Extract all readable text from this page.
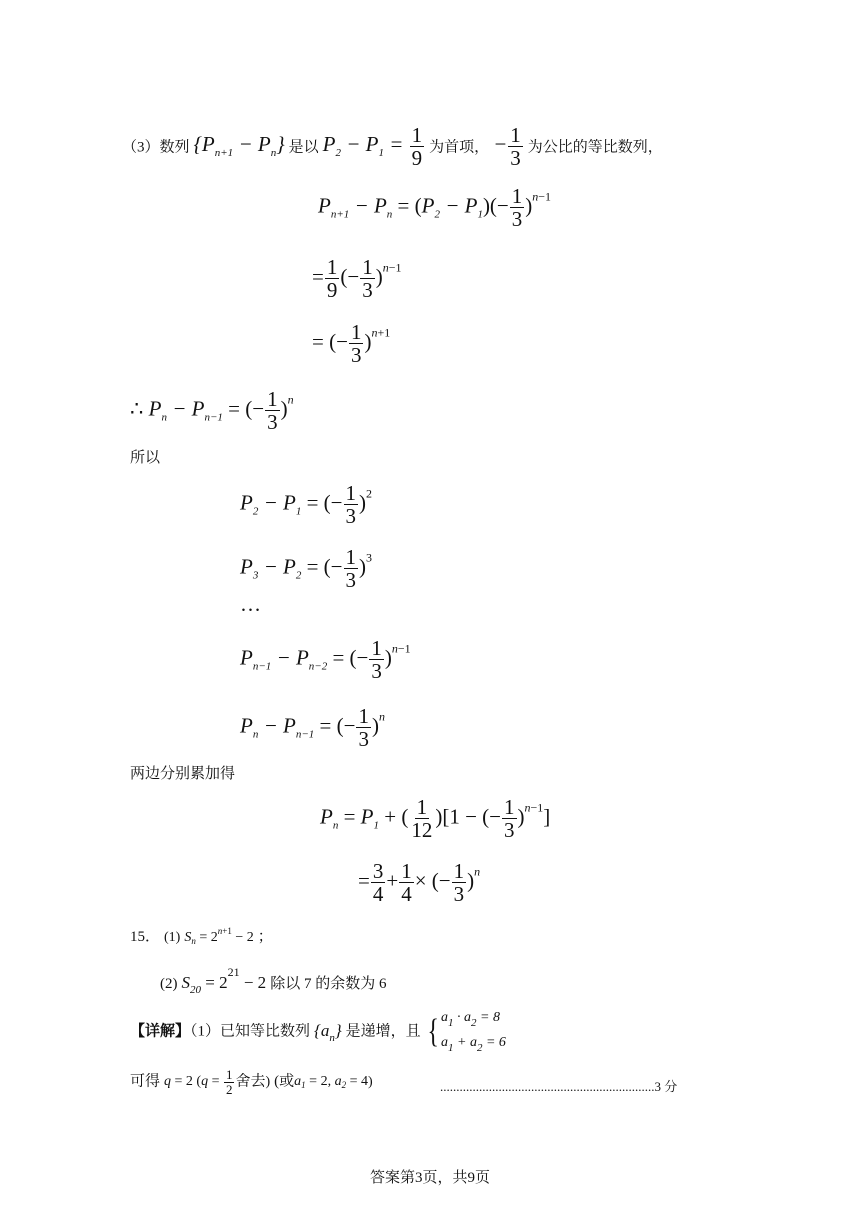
（3）数列 $\{P_{n+1} - P_n\}$ 是以 $P_2 - P_1 = \frac{1}{9}$ 为首项， − $\frac{1}{3}$ 为公比的等比数列，
$P_{n+1} - P_n = (P_2 - P_1)(- \frac{1}{3} )^{n-1}$
= $\frac{1}{9}$ (− $\frac{1}{3} )^{n-1}$
= (− $\frac{1}{3} )^{n+1}$
∴ $P_n - P_{n-1}$ = (− $\frac{1}{3} )^n$
所以
$P_2 - P_1$ = (− $\frac{1}{3} )^2$
$P_3 - P_2$ = (− $\frac{1}{3} )^3$
…
$P_{n-1} - P_{n-2}$ = (− $\frac{1}{3} )^{n-1}$
$P_n - P_{n-1}$ = (− $\frac{1}{3} )^n$
两边分别累加得
$P_n = P_1$ + ( $\frac{1}{12} )[1$ − (− $\frac{1}{3} )^{n-1}$]
= $\frac{3}{4} + \frac{1}{4}$ × (− $\frac{1}{3} )^n$
15． (1) $S_n = 2^{n+1} - 2$ ；
(2) $S_{20} = 2^{21} - 2$ 除以 7 的余数为 6
【详解】（1）已知等比数列 $\{a_n\}$ 是递增，且 { $a_1 \cdot a_2 = 8$
$a_1 + a_2 = 6$
可得 q = 2 ($q = \frac{1}{2}$ 舍去) (或$a_1 = 2$, $a_2 = 4$)	..................................................................3 分
答案第3页，共9页
